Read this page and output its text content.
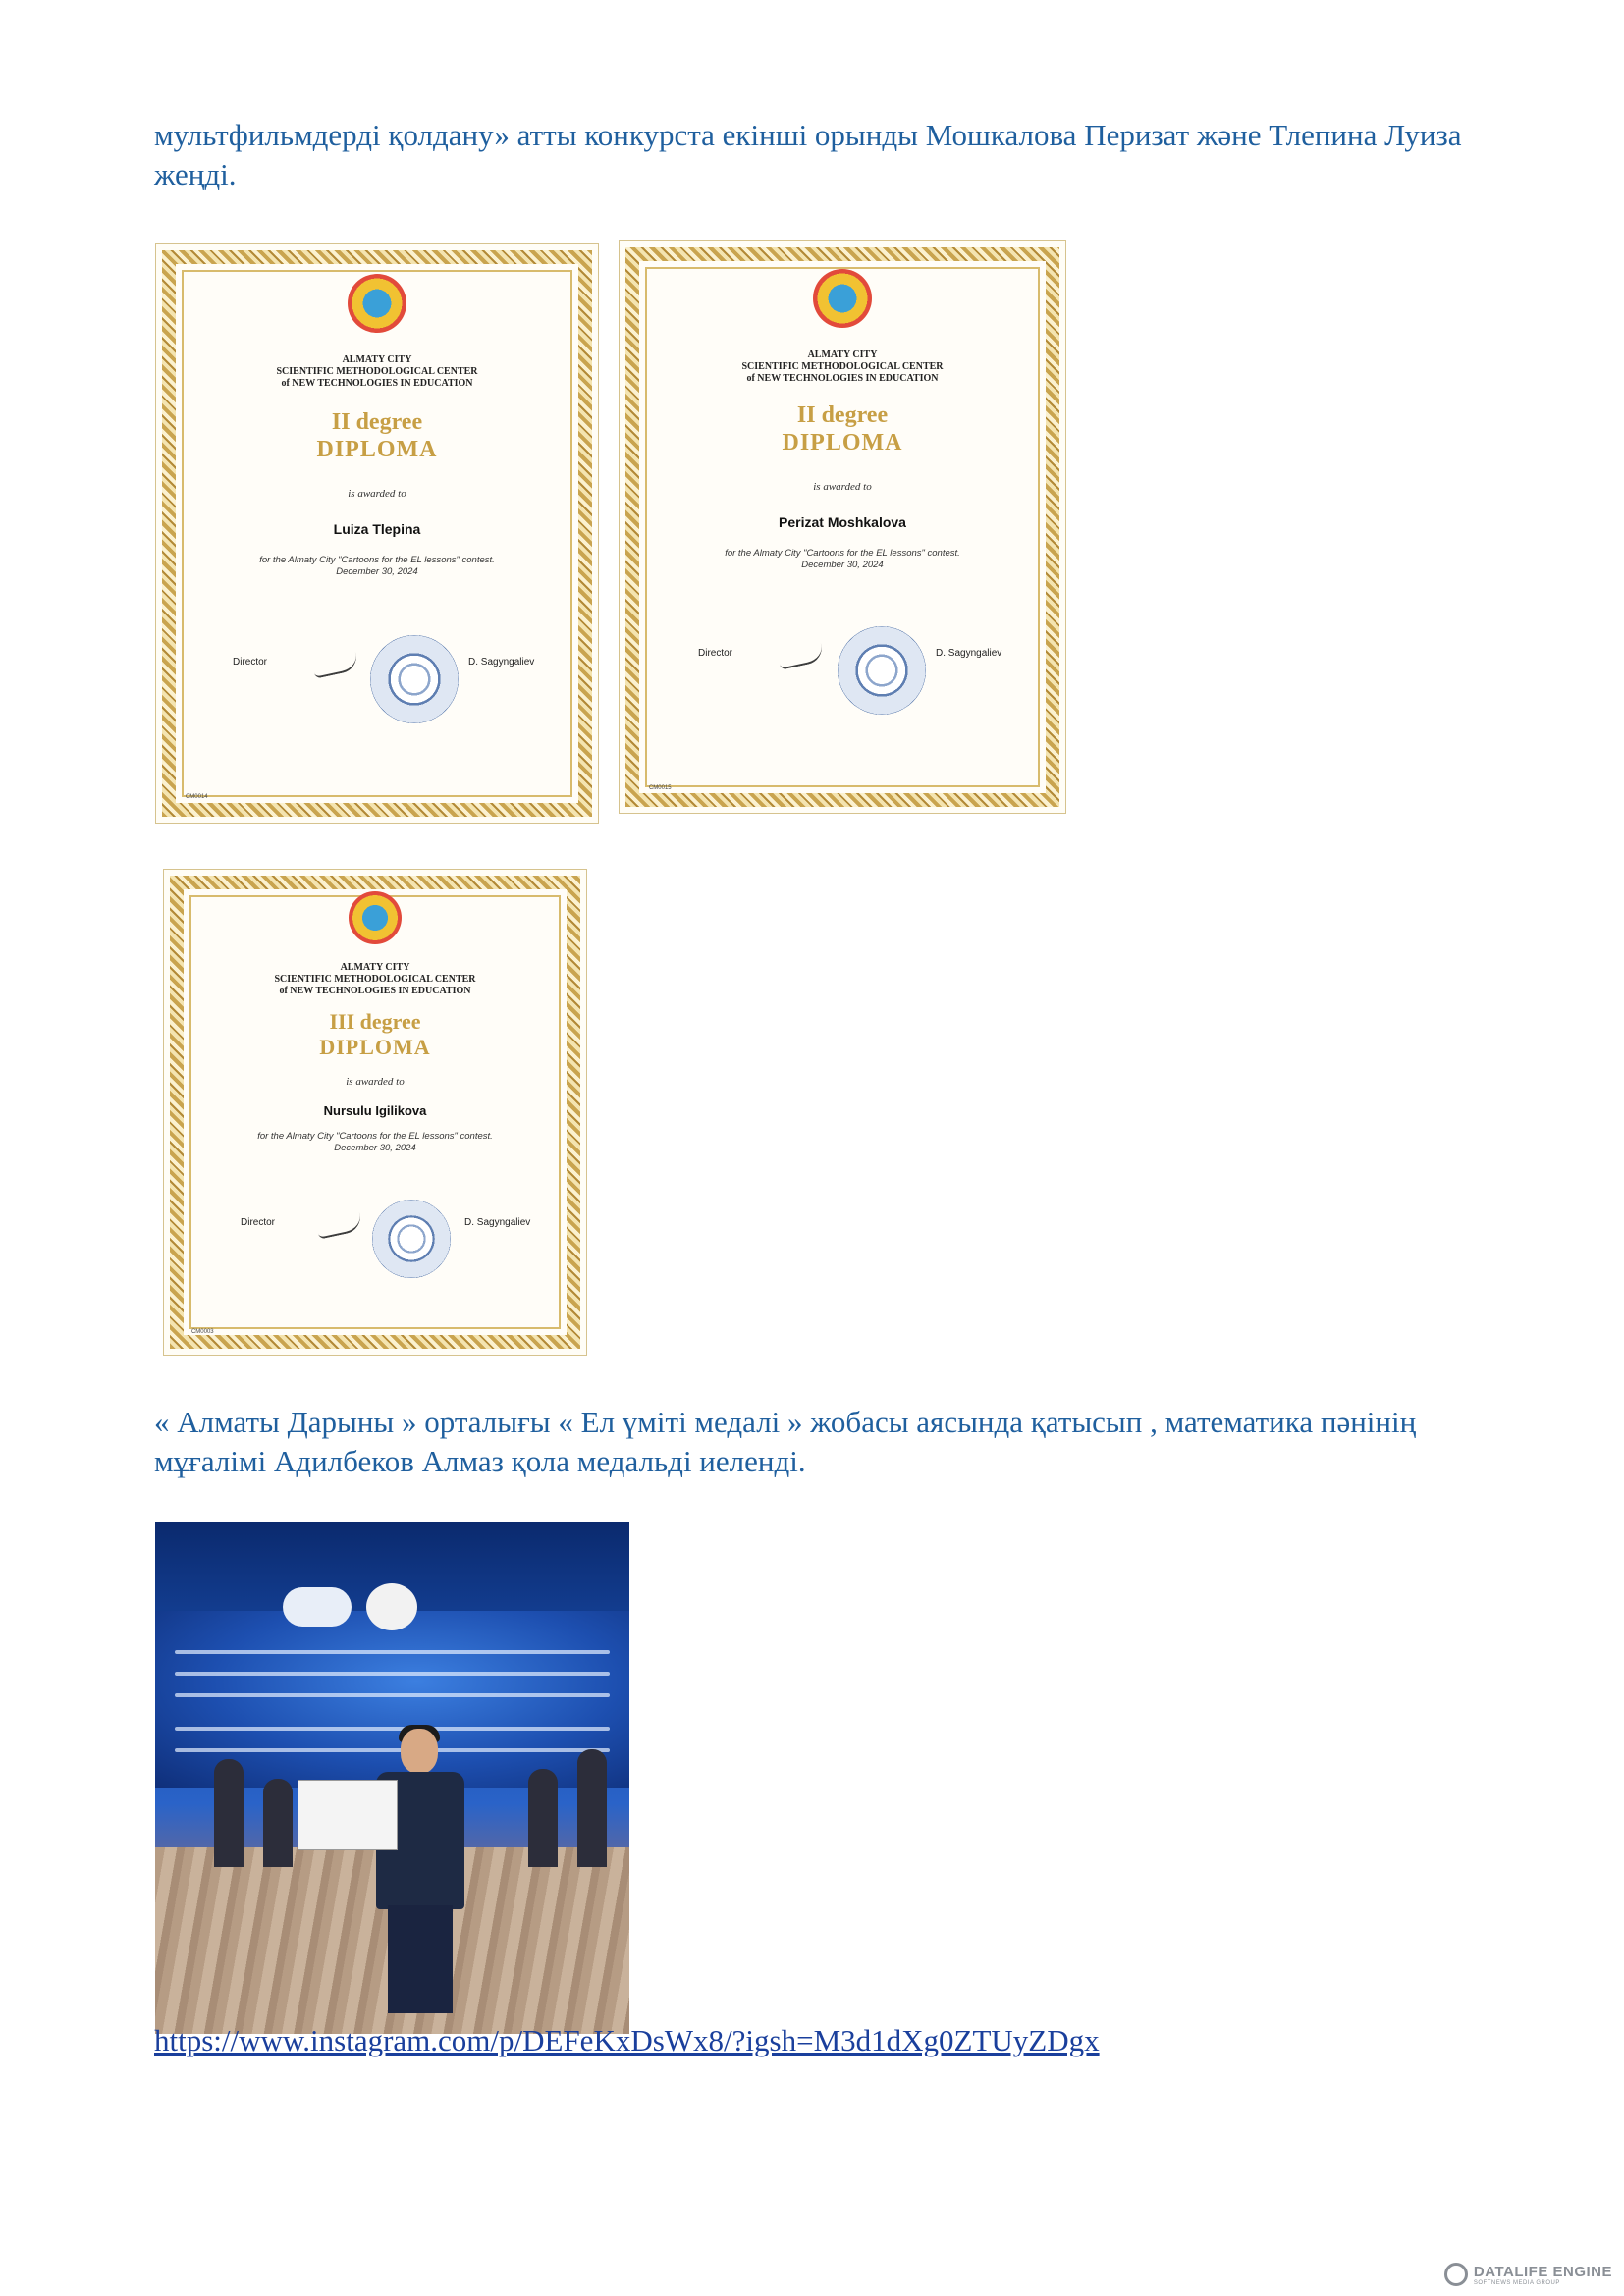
мультфильмдерді қолдану» атты конкурста екінші орынды Мошкалова Перизат және Тлепина Луиза жеңді.

ALMATY CITY
SCIENTIFIC METHODOLOGICAL CENTER
of NEW TECHNOLOGIES IN EDUCATION
II degree
DIPLOMA
is awarded to
Luiza Tlepina
for the Almaty City "Cartoons for the EL lessons" contest.
December 30, 2024
Director	D. Sagyngaliev
СМ0014
ALMATY CITY
SCIENTIFIC METHODOLOGICAL CENTER
of NEW TECHNOLOGIES IN EDUCATION
II degree
DIPLOMA
is awarded to
Perizat Moshkalova
for the Almaty City "Cartoons for the EL lessons" contest.
December 30, 2024
Director	D. Sagyngaliev
СМ0015
ALMATY CITY
SCIENTIFIC METHODOLOGICAL CENTER
of NEW TECHNOLOGIES IN EDUCATION
III degree
DIPLOMA
is awarded to
Nursulu Igilikova
for the Almaty City "Cartoons for the EL lessons" contest.
December 30, 2024
Director	D. Sagyngaliev
СМ0003

« Алматы Дарыны » орталығы « Ел үміті медалі » жобасы аясында қатысып , математика пәнінің мұғалімі Адилбеков Алмаз қола медальді иеленді.

https://www.instagram.com/p/DEFeKxDsWx8/?igsh=M3d1dXg0ZTUyZDgx
DATALIFE ENGINE
SOFTNEWS MEDIA GROUP
